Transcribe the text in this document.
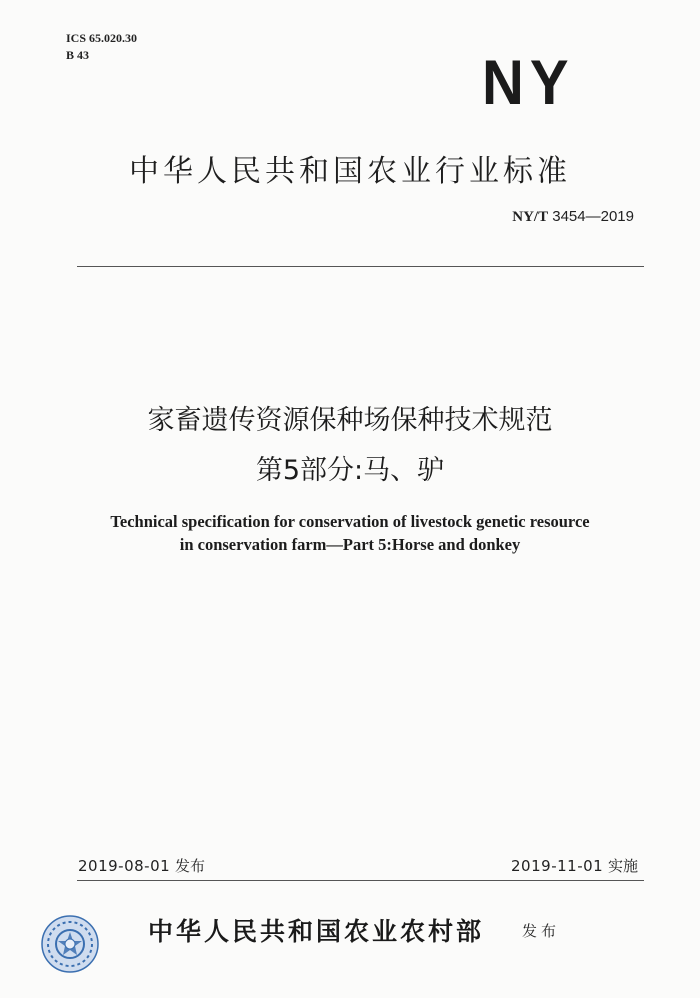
ICS 65.020.30
B 43	NY
中华人民共和国农业行业标准
NY/T 3454—2019
家畜遗传资源保种场保种技术规范
第5部分:马、驴
Technical specification for conservation of livestock genetic resource
in conservation farm—Part 5:Horse and donkey
2019-08-01 发布	2019-11-01 实施
中华人民共和国农业农村部	发布
